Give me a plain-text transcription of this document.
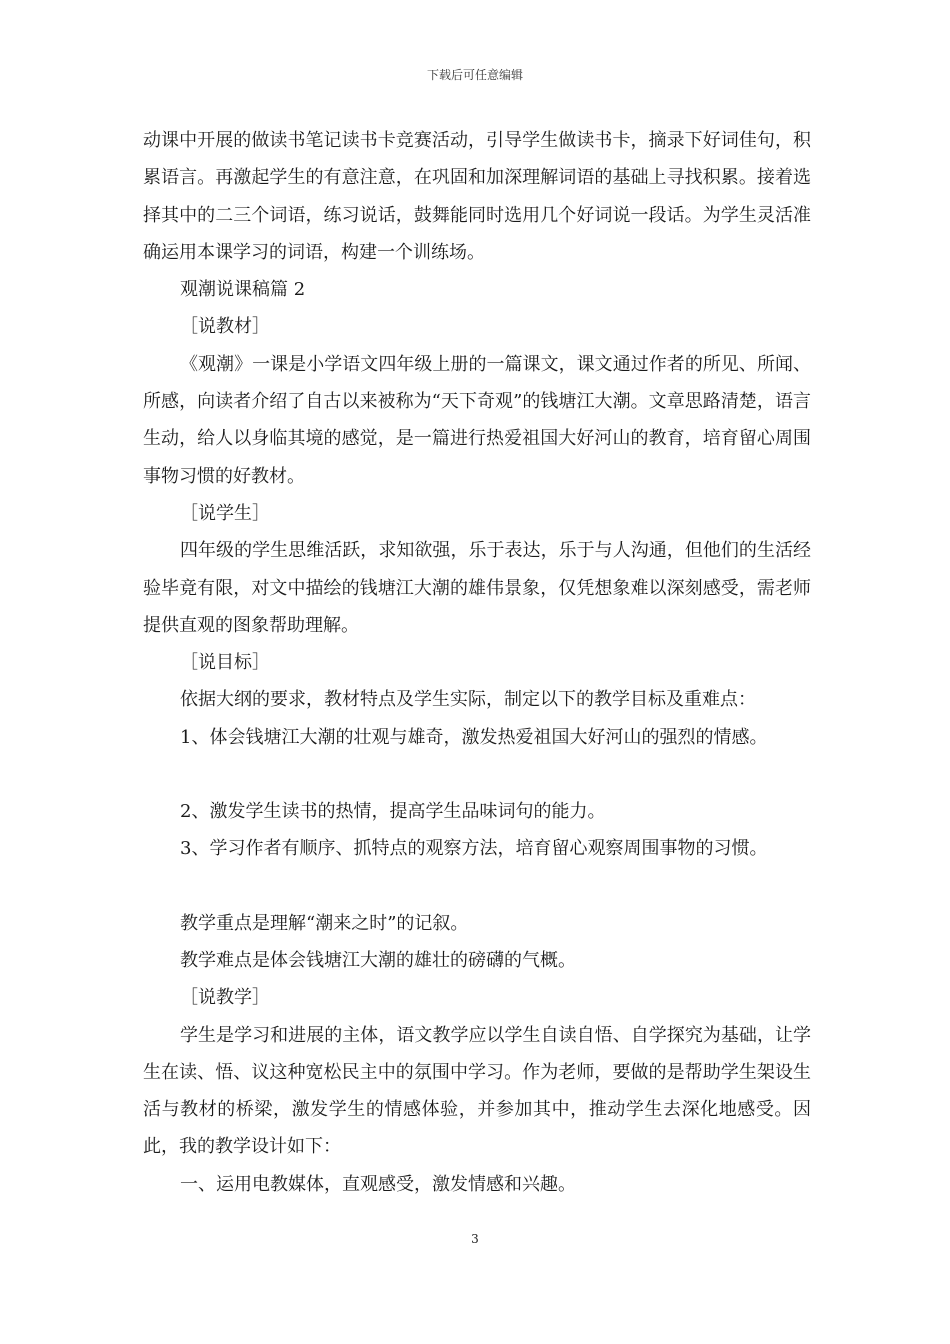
下载后可任意编辑

动课中开展的做读书笔记读书卡竞赛活动，引导学生做读书卡，摘录下好词佳句，积累语言。再激起学生的有意注意，在巩固和加深理解词语的基础上寻找积累。接着选择其中的二三个词语，练习说话，鼓舞能同时选用几个好词说一段话。为学生灵活准确运用本课学习的词语，构建一个训练场。

观潮说课稿篇 2

［说教材］

《观潮》一课是小学语文四年级上册的一篇课文，课文通过作者的所见、所闻、所感，向读者介绍了自古以来被称为“天下奇观”的钱塘江大潮。文章思路清楚，语言生动，给人以身临其境的感觉，是一篇进行热爱祖国大好河山的教育，培育留心周围事物习惯的好教材。

［说学生］

四年级的学生思维活跃，求知欲强，乐于表达，乐于与人沟通，但他们的生活经验毕竟有限，对文中描绘的钱塘江大潮的雄伟景象，仅凭想象难以深刻感受，需老师提供直观的图象帮助理解。

［说目标］

依据大纲的要求，教材特点及学生实际，制定以下的教学目标及重难点：

1、体会钱塘江大潮的壮观与雄奇，激发热爱祖国大好河山的强烈的情感。

2、激发学生读书的热情，提高学生品味词句的能力。

3、学习作者有顺序、抓特点的观察方法，培育留心观察周围事物的习惯。

教学重点是理解“潮来之时”的记叙。

教学难点是体会钱塘江大潮的雄壮的磅礴的气概。

［说教学］

学生是学习和进展的主体，语文教学应以学生自读自悟、自学探究为基础，让学生在读、悟、议这种宽松民主中的氛围中学习。作为老师，要做的是帮助学生架设生活与教材的桥梁，激发学生的情感体验，并参加其中，推动学生去深化地感受。因此，我的教学设计如下：

一、运用电教媒体，直观感受，激发情感和兴趣。

3
